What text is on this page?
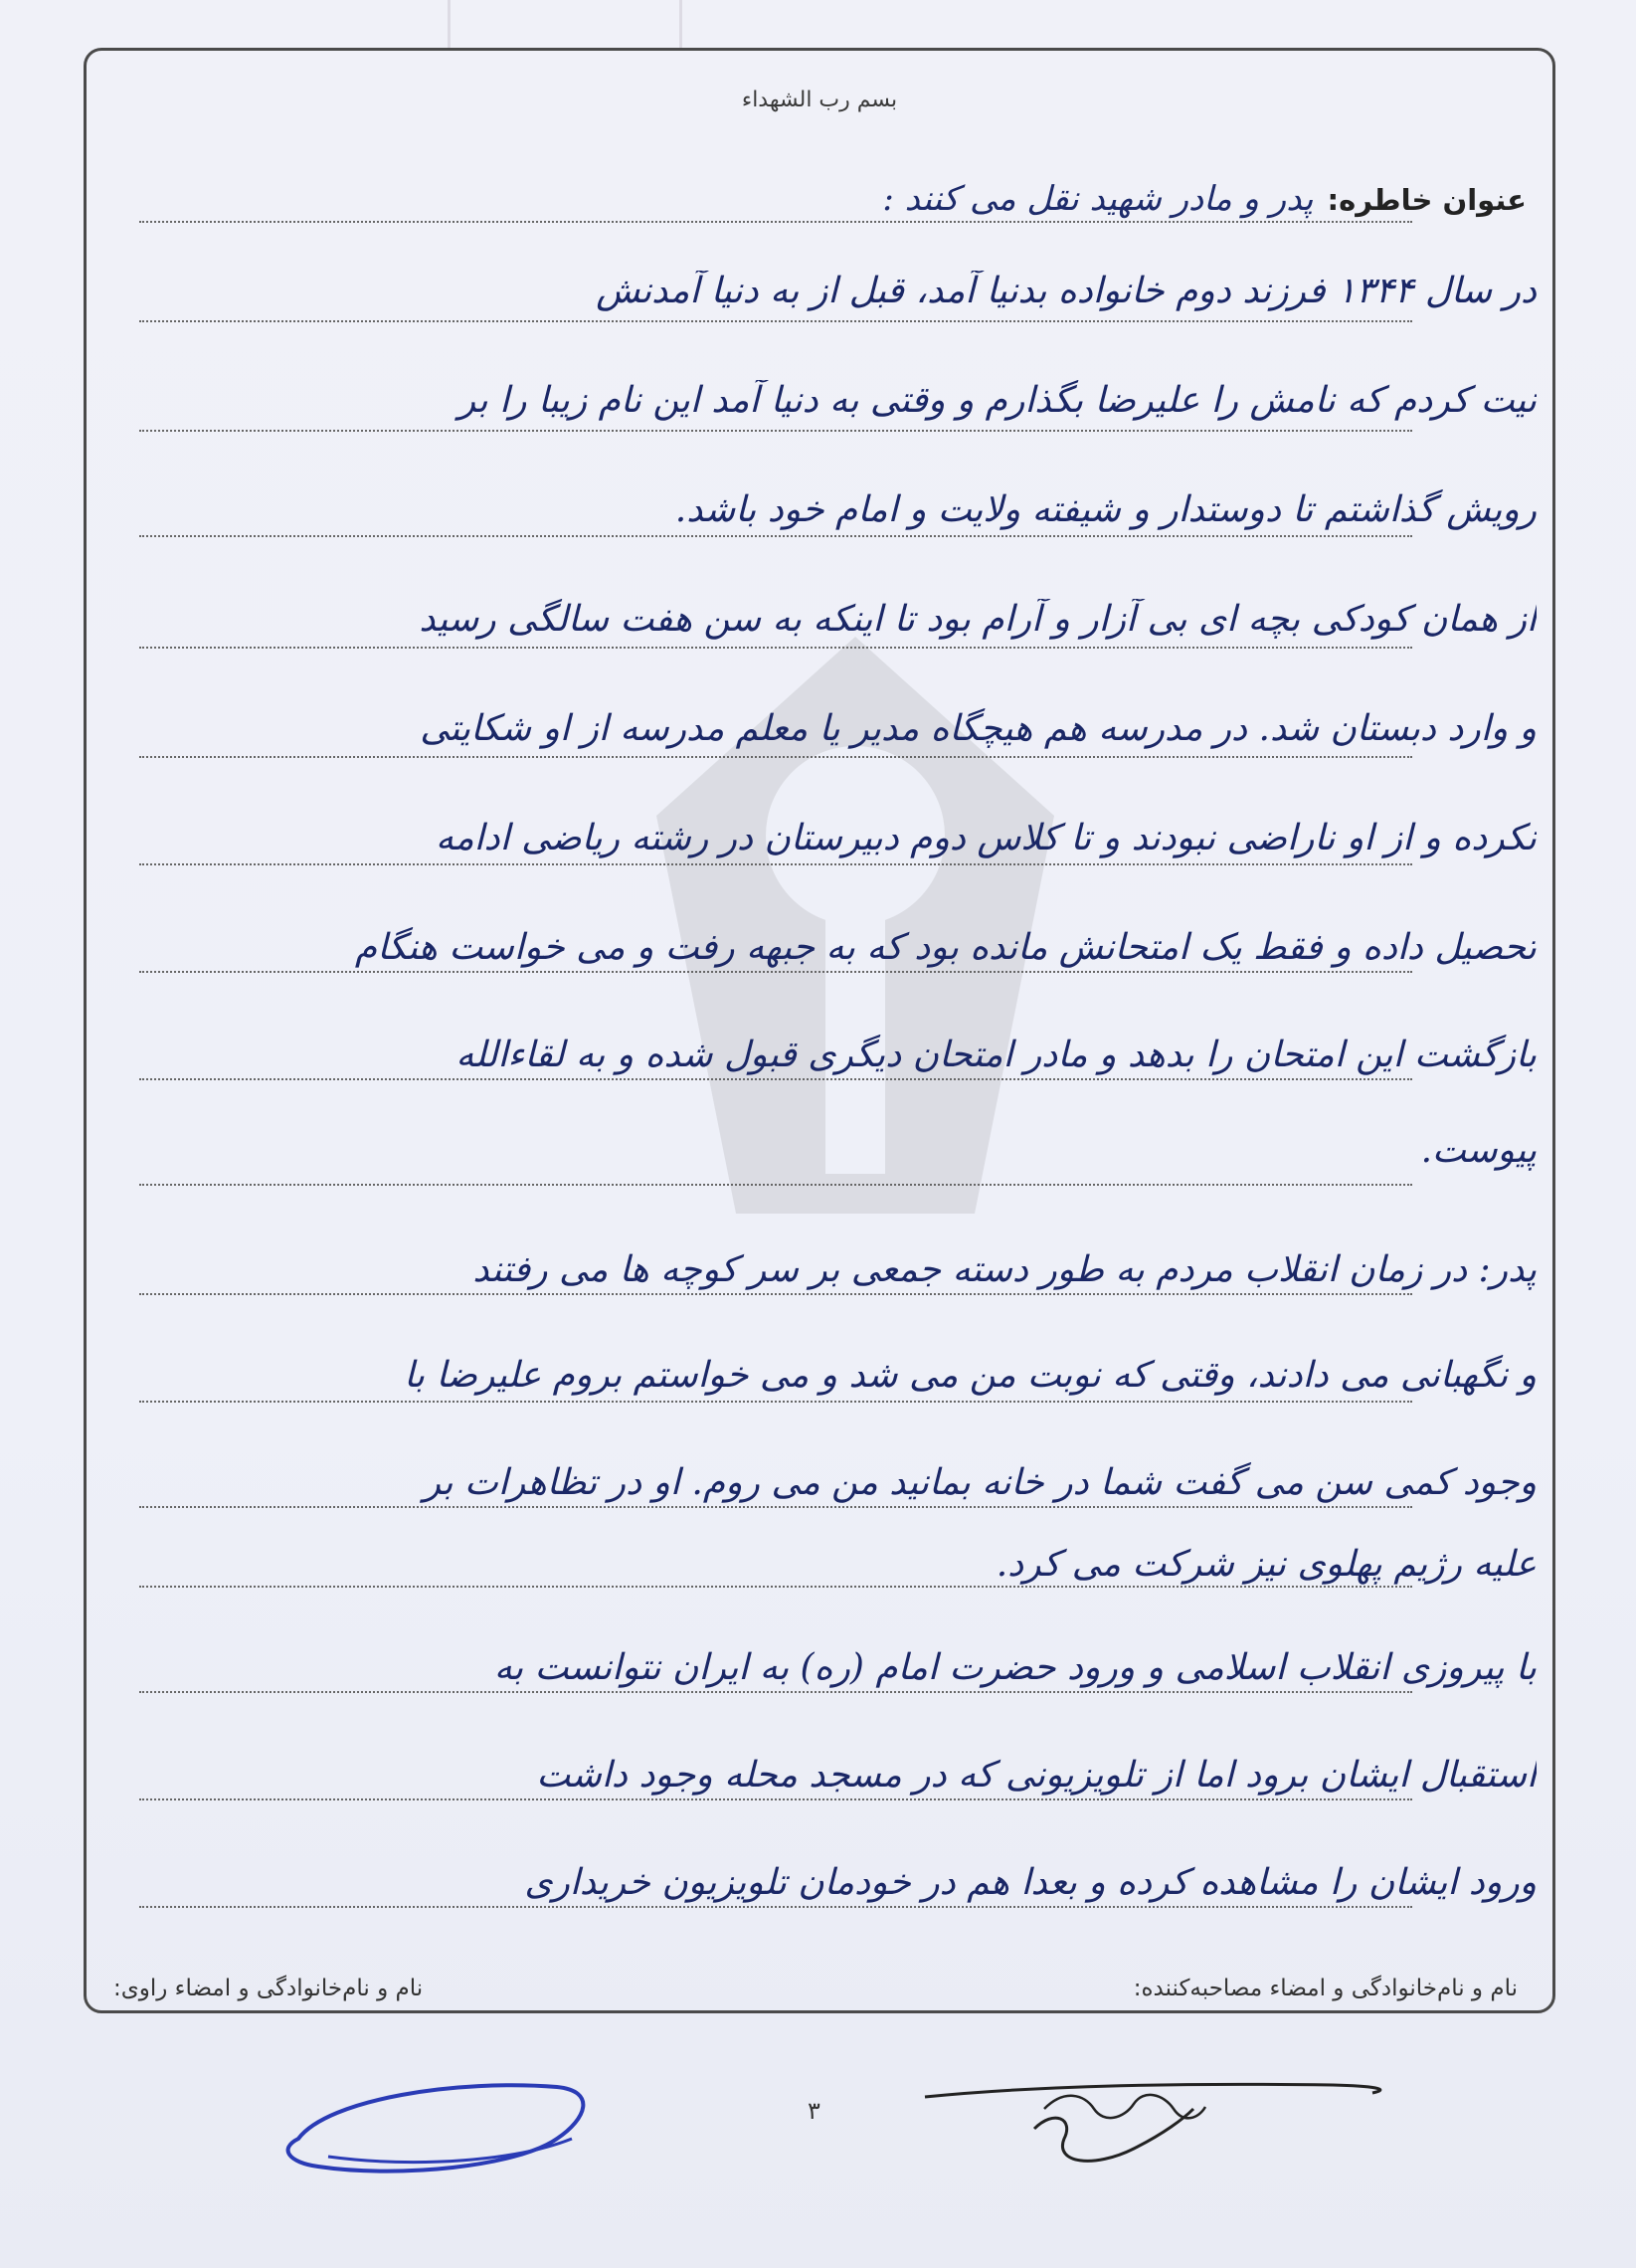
بسم رب الشهداء
عنوان خاطره:
پدر و مادر شهید نقل می کنند :
در سال ۱۳۴۴ فرزند دوم خانواده بدنیا آمد، قبل از به دنیا آمدنش
نیت کردم که نامش را علیرضا بگذارم و وقتی به دنیا آمد این نام زیبا را بر
رویش گذاشتم تا دوستدار و شیفته ولایت و امام خود باشد.
از همان کودکی بچه ای بی آزار و آرام بود تا اینکه به سن هفت سالگی رسید
و وارد دبستان شد. در مدرسه هم هیچگاه مدیر یا معلم مدرسه از او شکایتی
نکرده و از او ناراضی نبودند و تا کلاس دوم دبیرستان در رشته ریاضی ادامه
تحصیل داده و فقط یک امتحانش مانده بود که به جبهه رفت و می خواست هنگام
بازگشت این امتحان را بدهد و مادر امتحان دیگری قبول شده و به لقاءالله
پیوست.
پدر: در زمان انقلاب مردم به طور دسته جمعی بر سر کوچه ها می رفتند
و نگهبانی می دادند، وقتی که نوبت من می شد و می خواستم بروم علیرضا با
وجود کمی سن می گفت شما در خانه بمانید من می روم. او در تظاهرات بر
علیه رژیم پهلوی نیز شرکت می کرد.
با پیروزی انقلاب اسلامی و ورود حضرت امام (ره) به ایران نتوانست به
استقبال ایشان برود اما از تلویزیونی که در مسجد محله وجود داشت
ورود ایشان را مشاهده کرده و بعدا هم در خودمان تلویزیون خریداری
نام و نام‌خانوادگی و امضاء مصاحبه‌کننده:
نام و نام‌خانوادگی و امضاء راوی:
۳
